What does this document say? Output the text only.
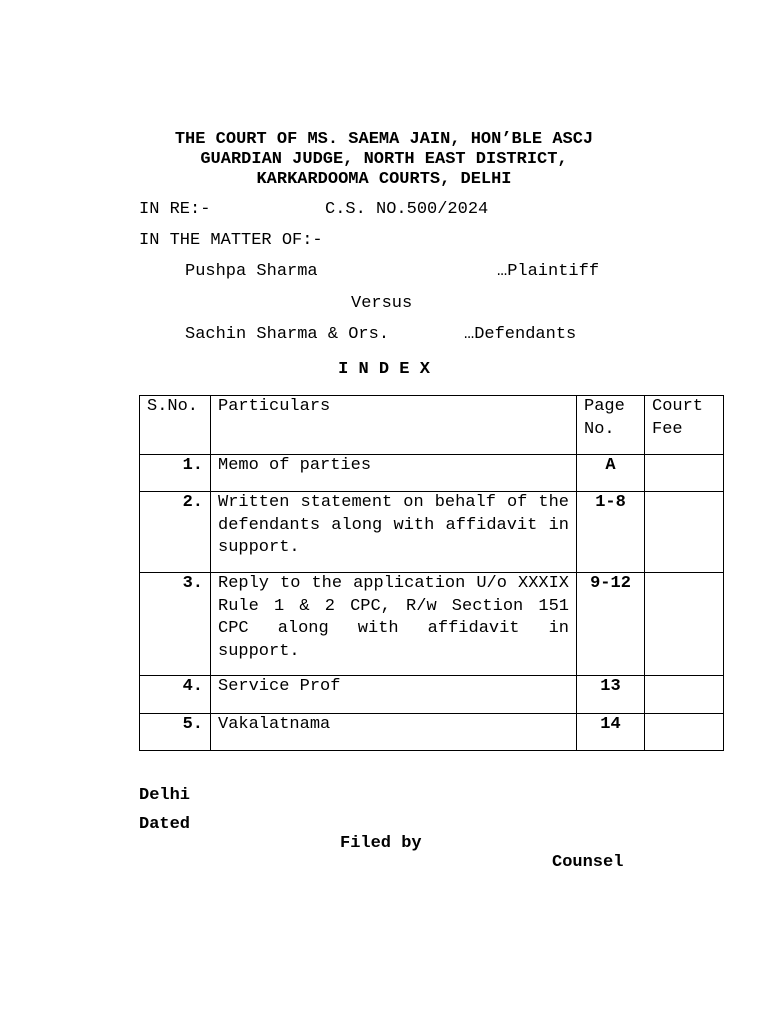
THE COURT OF MS. SAEMA JAIN, HON’BLE ASCJ
GUARDIAN JUDGE, NORTH EAST DISTRICT,
KARKARDOOMA COURTS, DELHI
IN RE:-	C.S. NO.500/2024
IN THE MATTER OF:-
Pushpa Sharma	…Plaintiff
Versus
Sachin Sharma & Ors.	…Defendants
I N D E X
S.No.	Particulars	Page No.	Court Fee
1.	Memo of parties	A	
2.	Written statement on behalf of the defendants along with affidavit in support.	1-8	
3.	Reply to the application U/o XXXIX Rule 1 & 2 CPC, R/w Section 151 CPC along with affidavit in support.	9-12	
4.	Service Prof	13	
5.	Vakalatnama	14	
Delhi
Dated
Filed by
Counsel
